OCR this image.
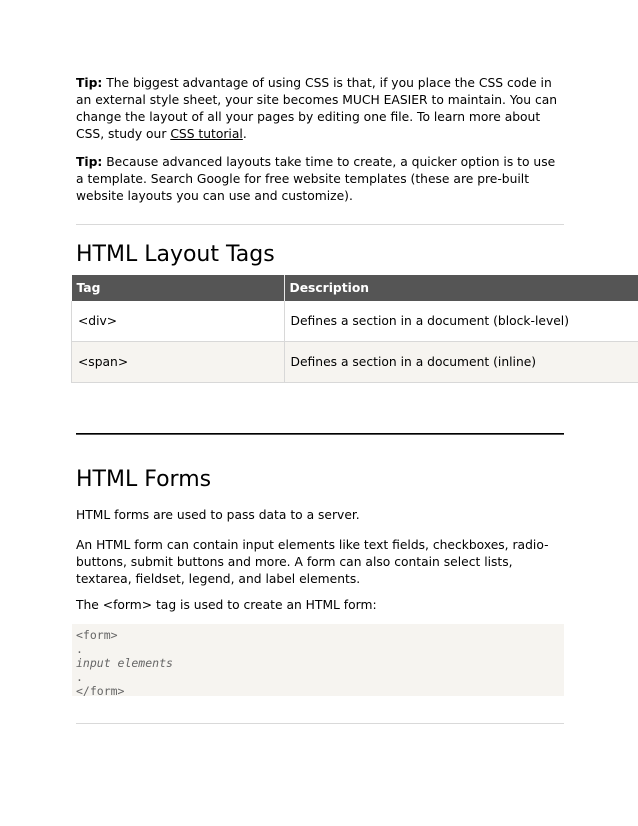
Tip: The biggest advantage of using CSS is that, if you place the CSS code in an external style sheet, your site becomes MUCH EASIER to maintain. You can change the layout of all your pages by editing one file. To learn more about CSS, study our CSS tutorial.

Tip: Because advanced layouts take time to create, a quicker option is to use a template. Search Google for free website templates (these are pre-built website layouts you can use and customize).

HTML Layout Tags
Tag	Description
<div>	Defines a section in a document (block-level)
<span>	Defines a section in a document (inline)
HTML Forms

HTML forms are used to pass data to a server.

An HTML form can contain input elements like text fields, checkboxes, radio-buttons, submit buttons and more. A form can also contain select lists, textarea, fieldset, legend, and label elements.

The <form> tag is used to create an HTML form:

<form>
.
input elements
.
</form>
